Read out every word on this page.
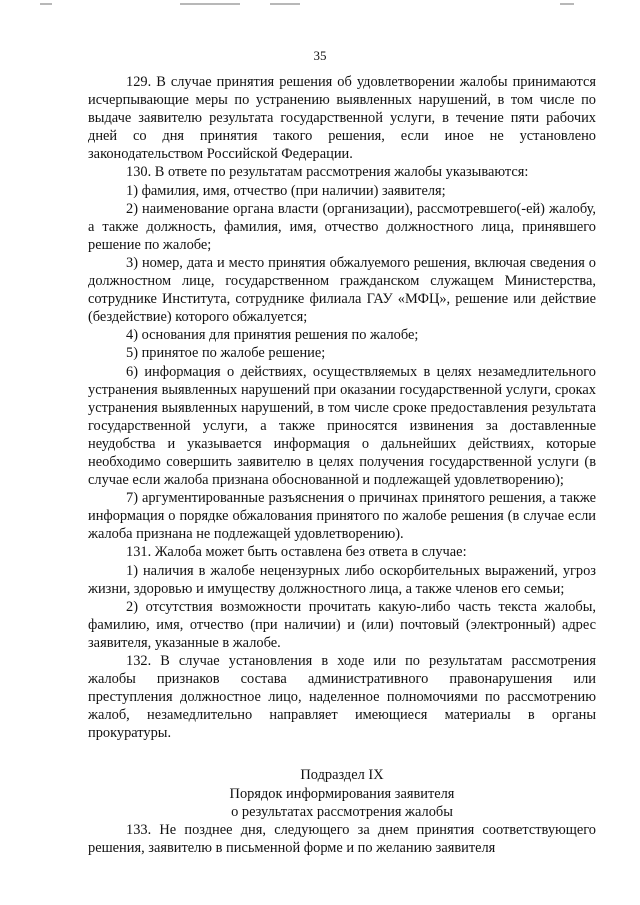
35

129. В случае принятия решения об удовлетворении жалобы принимаются исчерпывающие меры по устранению выявленных нарушений, в том числе по выдаче заявителю результата государственной услуги, в течение пяти рабочих дней со дня принятия такого решения, если иное не установлено законодательством Российской Федерации.

130. В ответе по результатам рассмотрения жалобы указываются:

1) фамилия, имя, отчество (при наличии) заявителя;

2) наименование органа власти (организации), рассмотревшего(-ей) жалобу, а также должность, фамилия, имя, отчество должностного лица, принявшего решение по жалобе;

3) номер, дата и место принятия обжалуемого решения, включая сведения о должностном лице, государственном гражданском служащем Министерства, сотруднике Института, сотруднике филиала ГАУ «МФЦ», решение или действие (бездействие) которого обжалуется;

4) основания для принятия решения по жалобе;

5) принятое по жалобе решение;

6) информация о действиях, осуществляемых в целях незамедлительного устранения выявленных нарушений при оказании государственной услуги, сроках устранения выявленных нарушений, в том числе сроке предоставления результата государственной услуги, а также приносятся извинения за доставленные неудобства и указывается информация о дальнейших действиях, которые необходимо совершить заявителю в целях получения государственной услуги (в случае если жалоба признана обоснованной и подлежащей удовлетворению);

7) аргументированные разъяснения о причинах принятого решения, а также информация о порядке обжалования принятого по жалобе решения (в случае если жалоба признана не подлежащей удовлетворению).

131. Жалоба может быть оставлена без ответа в случае:

1) наличия в жалобе нецензурных либо оскорбительных выражений, угроз жизни, здоровью и имуществу должностного лица, а также членов его семьи;

2) отсутствия возможности прочитать какую-либо часть текста жалобы, фамилию, имя, отчество (при наличии) и (или) почтовый (электронный) адрес заявителя, указанные в жалобе.

132. В случае установления в ходе или по результатам рассмотрения жалобы признаков состава административного правонарушения или преступления должностное лицо, наделенное полномочиями по рассмотрению жалоб, незамедлительно направляет имеющиеся материалы в органы прокуратуры.

Подраздел IX
Порядок информирования заявителя
о результатах рассмотрения жалобы

133. Не позднее дня, следующего за днем принятия соответствующего решения, заявителю в письменной форме и по желанию заявителя
